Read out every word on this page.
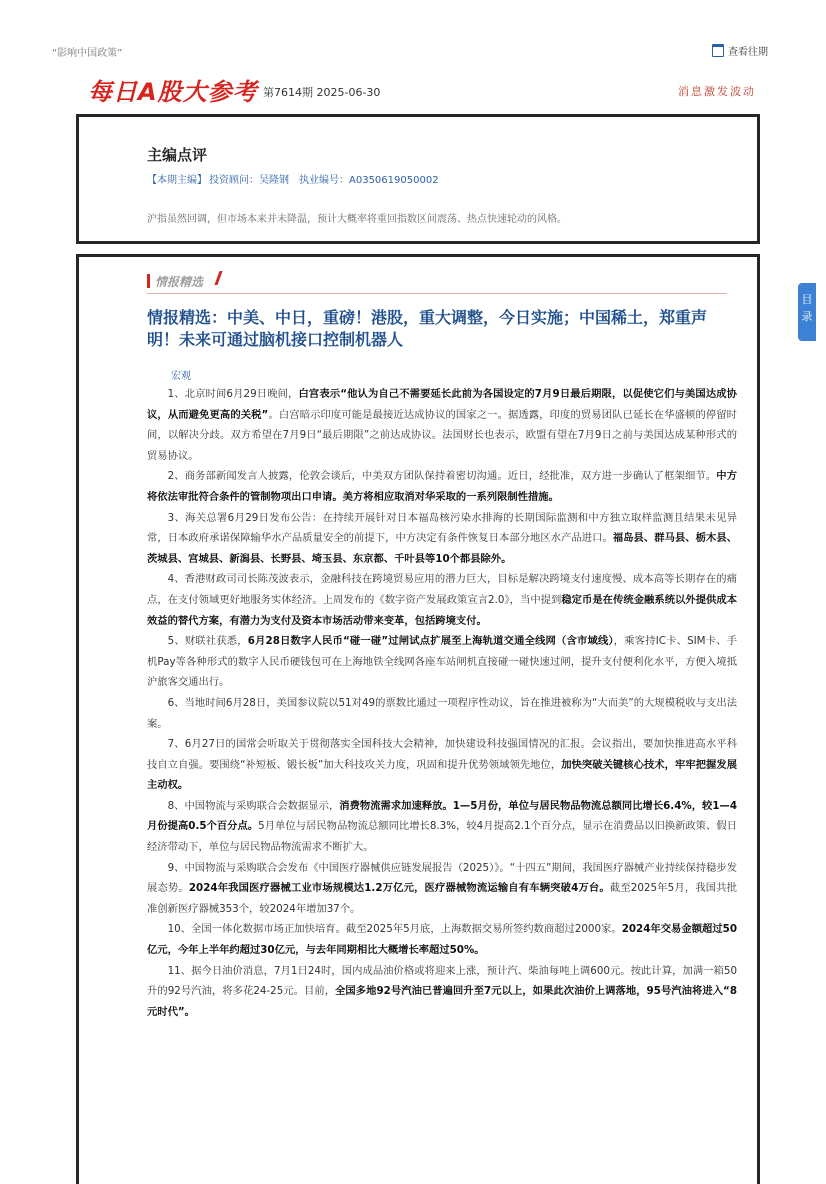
“影响中国政策”	查看往期
每日A股大参考 第7614期 2025-06-30	消息激发波动
主编点评
【本期主编】 投资顾问：吴隆钢 执业编号：A0350619050002
沪指虽然回调，但市场本来并未降温，预计大概率将重回指数区间震荡、热点快速轮动的风格。
情报精选
情报精选：中美、中日，重磅！港股，重大调整，今日实施；中国稀土，郑重声明！未来可通过脑机接口控制机器人
宏观

1、北京时间6月29日晚间，白宫表示“他认为自己不需要延长此前为各国设定的7月9日最后期限，以促使它们与美国达成协议，从而避免更高的关税”。白宫暗示印度可能是最接近达成协议的国家之一。据透露，印度的贸易团队已延长在华盛顿的停留时间，以解决分歧。双方希望在7月9日“最后期限”之前达成协议。法国财长也表示，欧盟有望在7月9日之前与美国达成某种形式的贸易协议。

2、商务部新闻发言人披露，伦敦会谈后，中美双方团队保持着密切沟通。近日，经批准，双方进一步确认了框架细节。中方将依法审批符合条件的管制物项出口申请。美方将相应取消对华采取的一系列限制性措施。

3、海关总署6月29日发布公告：在持续开展针对日本福岛核污染水排海的长期国际监测和中方独立取样监测且结果未见异常，日本政府承诺保障输华水产品质量安全的前提下，中方决定有条件恢复日本部分地区水产品进口。福岛县、群马县、栃木县、茨城县、宫城县、新潟县、长野县、埼玉县、东京都、千叶县等10个都县除外。

4、香港财政司司长陈茂波表示，金融科技在跨境贸易应用的潜力巨大，目标是解决跨境支付速度慢、成本高等长期存在的痛点，在支付领域更好地服务实体经济。上周发布的《数字资产发展政策宣言2.0》，当中提到稳定币是在传统金融系统以外提供成本效益的替代方案，有潜力为支付及资本市场活动带来变革，包括跨境支付。

5、财联社获悉，6月28日数字人民币“碰一碰”过闸试点扩展至上海轨道交通全线网（含市域线），乘客持IC卡、SIM卡、手机Pay等各种形式的数字人民币硬钱包可在上海地铁全线网各座车站闸机直接碰一碰快速过闸，提升支付便利化水平，方便入境抵沪旅客交通出行。

6、当地时间6月28日，美国参议院以51对49的票数比通过一项程序性动议，旨在推进被称为“大而美”的大规模税收与支出法案。

7、6月27日的国常会听取关于贯彻落实全国科技大会精神，加快建设科技强国情况的汇报。会议指出，要加快推进高水平科技自立自强。要围绕“补短板、锻长板”加大科技攻关力度，巩固和提升优势领域领先地位，加快突破关键核心技术，牢牢把握发展主动权。

8、中国物流与采购联合会数据显示，消费物流需求加速释放。1—5月份，单位与居民物品物流总额同比增长6.4%，较1—4月份提高0.5个百分点。5月单位与居民物品物流总额同比增长8.3%，较4月提高2.1个百分点，显示在消费品以旧换新政策、假日经济带动下，单位与居民物品物流需求不断扩大。

9、中国物流与采购联合会发布《中国医疗器械供应链发展报告（2025）》。“十四五”期间，我国医疗器械产业持续保持稳步发展态势。2024年我国医疗器械工业市场规模达1.2万亿元，医疗器械物流运输自有车辆突破4万台。截至2025年5月，我国共批准创新医疗器械353个，较2024年增加37个。

10、全国一体化数据市场正加快培育。截至2025年5月底，上海数据交易所签约数商超过2000家。2024年交易金额超过50亿元，今年上半年约超过30亿元，与去年同期相比大概增长率超过50%。

11、据今日油价消息，7月1日24时，国内成品油价格或将迎来上涨，预计汽、柴油每吨上调600元。按此计算，加满一箱50升的92号汽油，将多花24-25元。目前，全国多地92号汽油已普遍回升至7元以上，如果此次油价上调落地，95号汽油将进入“8元时代”。

目
录
